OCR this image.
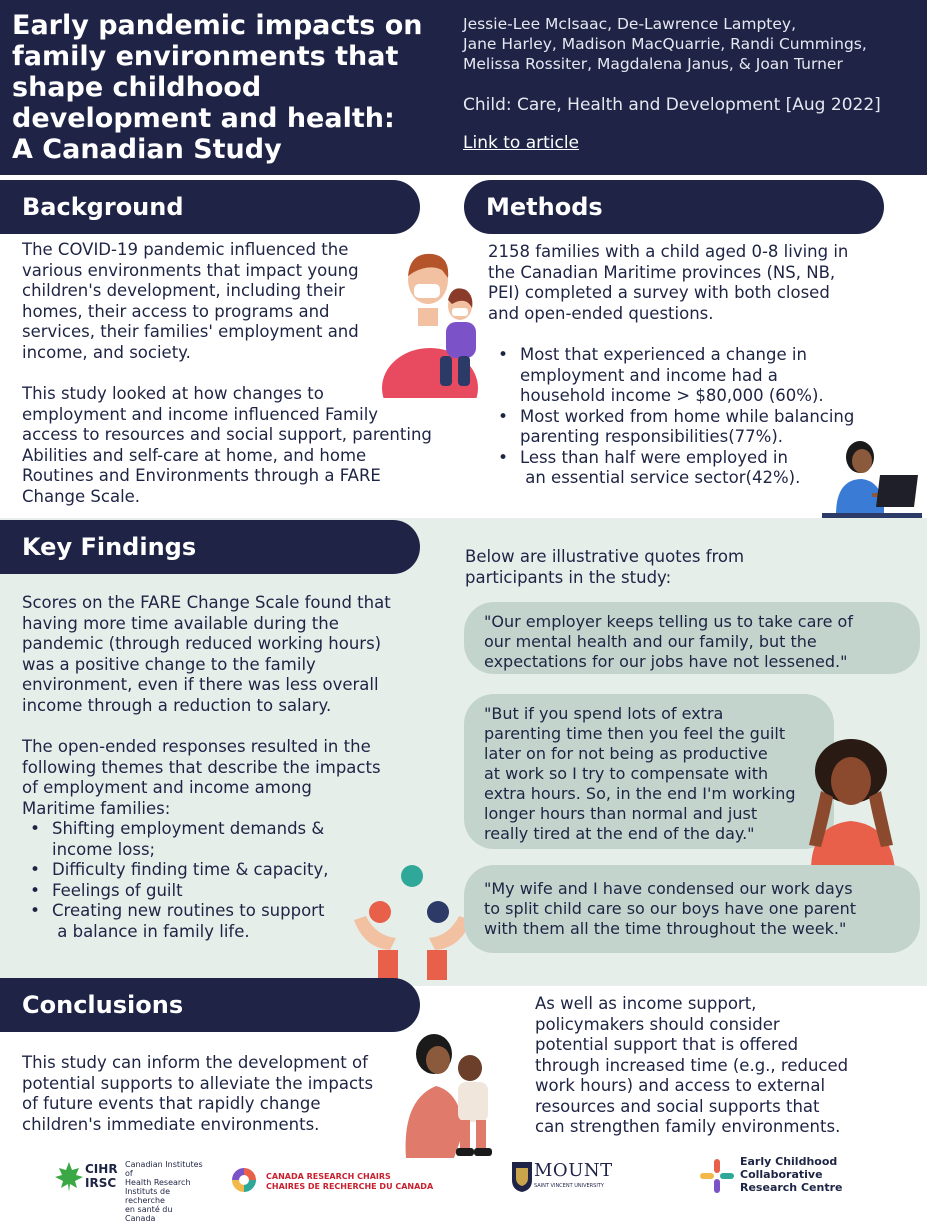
Early pandemic impacts on
family environments that
shape childhood
development and health:
A Canadian Study
Jessie-Lee McIsaac, De-Lawrence Lamptey,
Jane Harley, Madison MacQuarrie, Randi Cummings,
Melissa Rossiter, Magdalena Janus, & Joan Turner
Child: Care, Health and Development [Aug 2022]
Link to article
Background
The COVID-19 pandemic influenced the
various environments that impact young
children's development, including their
homes, their access to programs and
services, their families' employment and
income, and society.
This study looked at how changes to
employment and income influenced Family
access to resources and social support, parenting
Abilities and self-care at home, and home
Routines and Environments through a FARE
Change Scale.
Methods
2158 families with a child aged 0-8 living in
the Canadian Maritime provinces (NS, NB,
PEI) completed a survey with both closed
and open-ended questions.
• Most that experienced a change in
employment and income had a
household income > $80,000 (60%).
• Most worked from home while balancing
parenting responsibilities(77%).
• Less than half were employed in
an essential service sector(42%).
Key Findings
Scores on the FARE Change Scale found that
having more time available during the
pandemic (through reduced working hours)
was a positive change to the family
environment, even if there was less overall
income through a reduction to salary.
The open-ended responses resulted in the
following themes that describe the impacts
of employment and income among
Maritime families:
• Shifting employment demands &
income loss;
• Difficulty finding time & capacity,
• Feelings of guilt
• Creating new routines to support
a balance in family life.
Below are illustrative quotes from
participants in the study:
"Our employer keeps telling us to take care of
our mental health and our family, but the
expectations for our jobs have not lessened."
"But if you spend lots of extra
parenting time then you feel the guilt
later on for not being as productive
at work so I try to compensate with
extra hours. So, in the end I'm working
longer hours than normal and just
really tired at the end of the day."
"My wife and I have condensed our work days
to split child care so our boys have one parent
with them all the time throughout the week."
Conclusions
This study can inform the development of
potential supports to alleviate the impacts
of future events that rapidly change
children's immediate environments.
As well as income support,
policymakers should consider
potential support that is offered
through increased time (e.g., reduced
work hours) and access to external
resources and social supports that
can strengthen family environments.
CIHR
IRSC
Canadian Institutes of
Health Research
Instituts de recherche
en santé du Canada
CANADA RESEARCH CHAIRS
CHAIRES DE RECHERCHE DU CANADA
MOUNT
SAINT VINCENT UNIVERSITY
Early Childhood
Collaborative
Research Centre
